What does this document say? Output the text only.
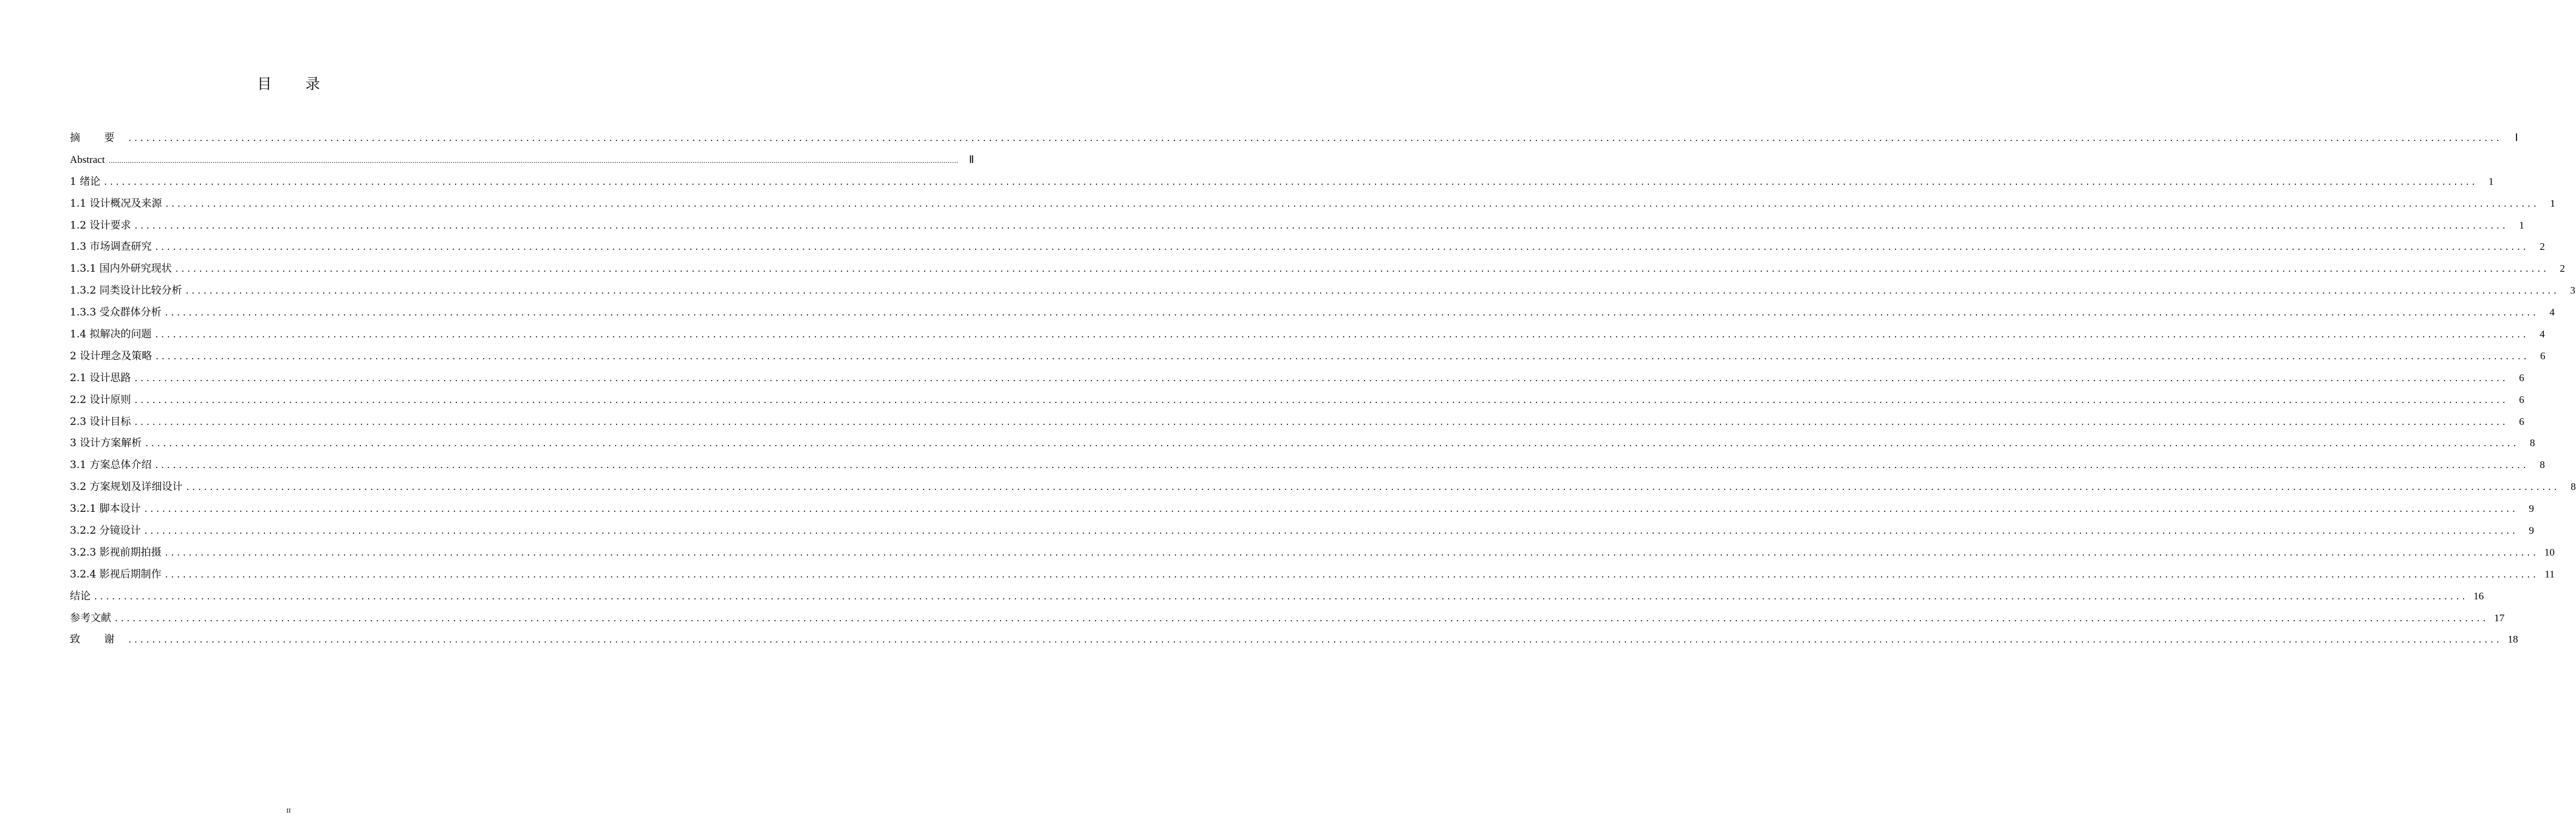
目 录
摘 要 ................................................................................................................................................................................................................................................................................................................................................................................................................	Ⅰ
Abstract ................................................................................................................................................................................................................................................................................................................................................................................................................	Ⅱ
1 绪论 ................................................................................................................................................................................................................................................................................................................................................................................................................	1
1.1 设计概况及来源 ................................................................................................................................................................................................................................................................................................................................................................................................................	1
1.2 设计要求 ................................................................................................................................................................................................................................................................................................................................................................................................................	1
1.3 市场调查研究 ................................................................................................................................................................................................................................................................................................................................................................................................................	2
1.3.1 国内外研究现状 ................................................................................................................................................................................................................................................................................................................................................................................................................	2
1.3.2 同类设计比较分析 ................................................................................................................................................................................................................................................................................................................................................................................................................	3
1.3.3 受众群体分析 ................................................................................................................................................................................................................................................................................................................................................................................................................	4
1.4 拟解决的问题 ................................................................................................................................................................................................................................................................................................................................................................................................................	4
2 设计理念及策略 ................................................................................................................................................................................................................................................................................................................................................................................................................	6
2.1 设计思路 ................................................................................................................................................................................................................................................................................................................................................................................................................	6
2.2 设计原则 ................................................................................................................................................................................................................................................................................................................................................................................................................	6
2.3 设计目标 ................................................................................................................................................................................................................................................................................................................................................................................................................	6
3 设计方案解析 ................................................................................................................................................................................................................................................................................................................................................................................................................	8
3.1 方案总体介绍 ................................................................................................................................................................................................................................................................................................................................................................................................................	8
3.2 方案规划及详细设计 ................................................................................................................................................................................................................................................................................................................................................................................................................	8
3.2.1 脚本设计 ................................................................................................................................................................................................................................................................................................................................................................................................................	9
3.2.2 分镜设计 ................................................................................................................................................................................................................................................................................................................................................................................................................	9
3.2.3 影视前期拍摄 ................................................................................................................................................................................................................................................................................................................................................................................................................ 10
3.2.4 影视后期制作 ................................................................................................................................................................................................................................................................................................................................................................................................................ 11
结论 ................................................................................................................................................................................................................................................................................................................................................................................................................ 16
参考文献 ................................................................................................................................................................................................................................................................................................................................................................................................................ 17
致 谢 ................................................................................................................................................................................................................................................................................................................................................................................................................ 18
II
